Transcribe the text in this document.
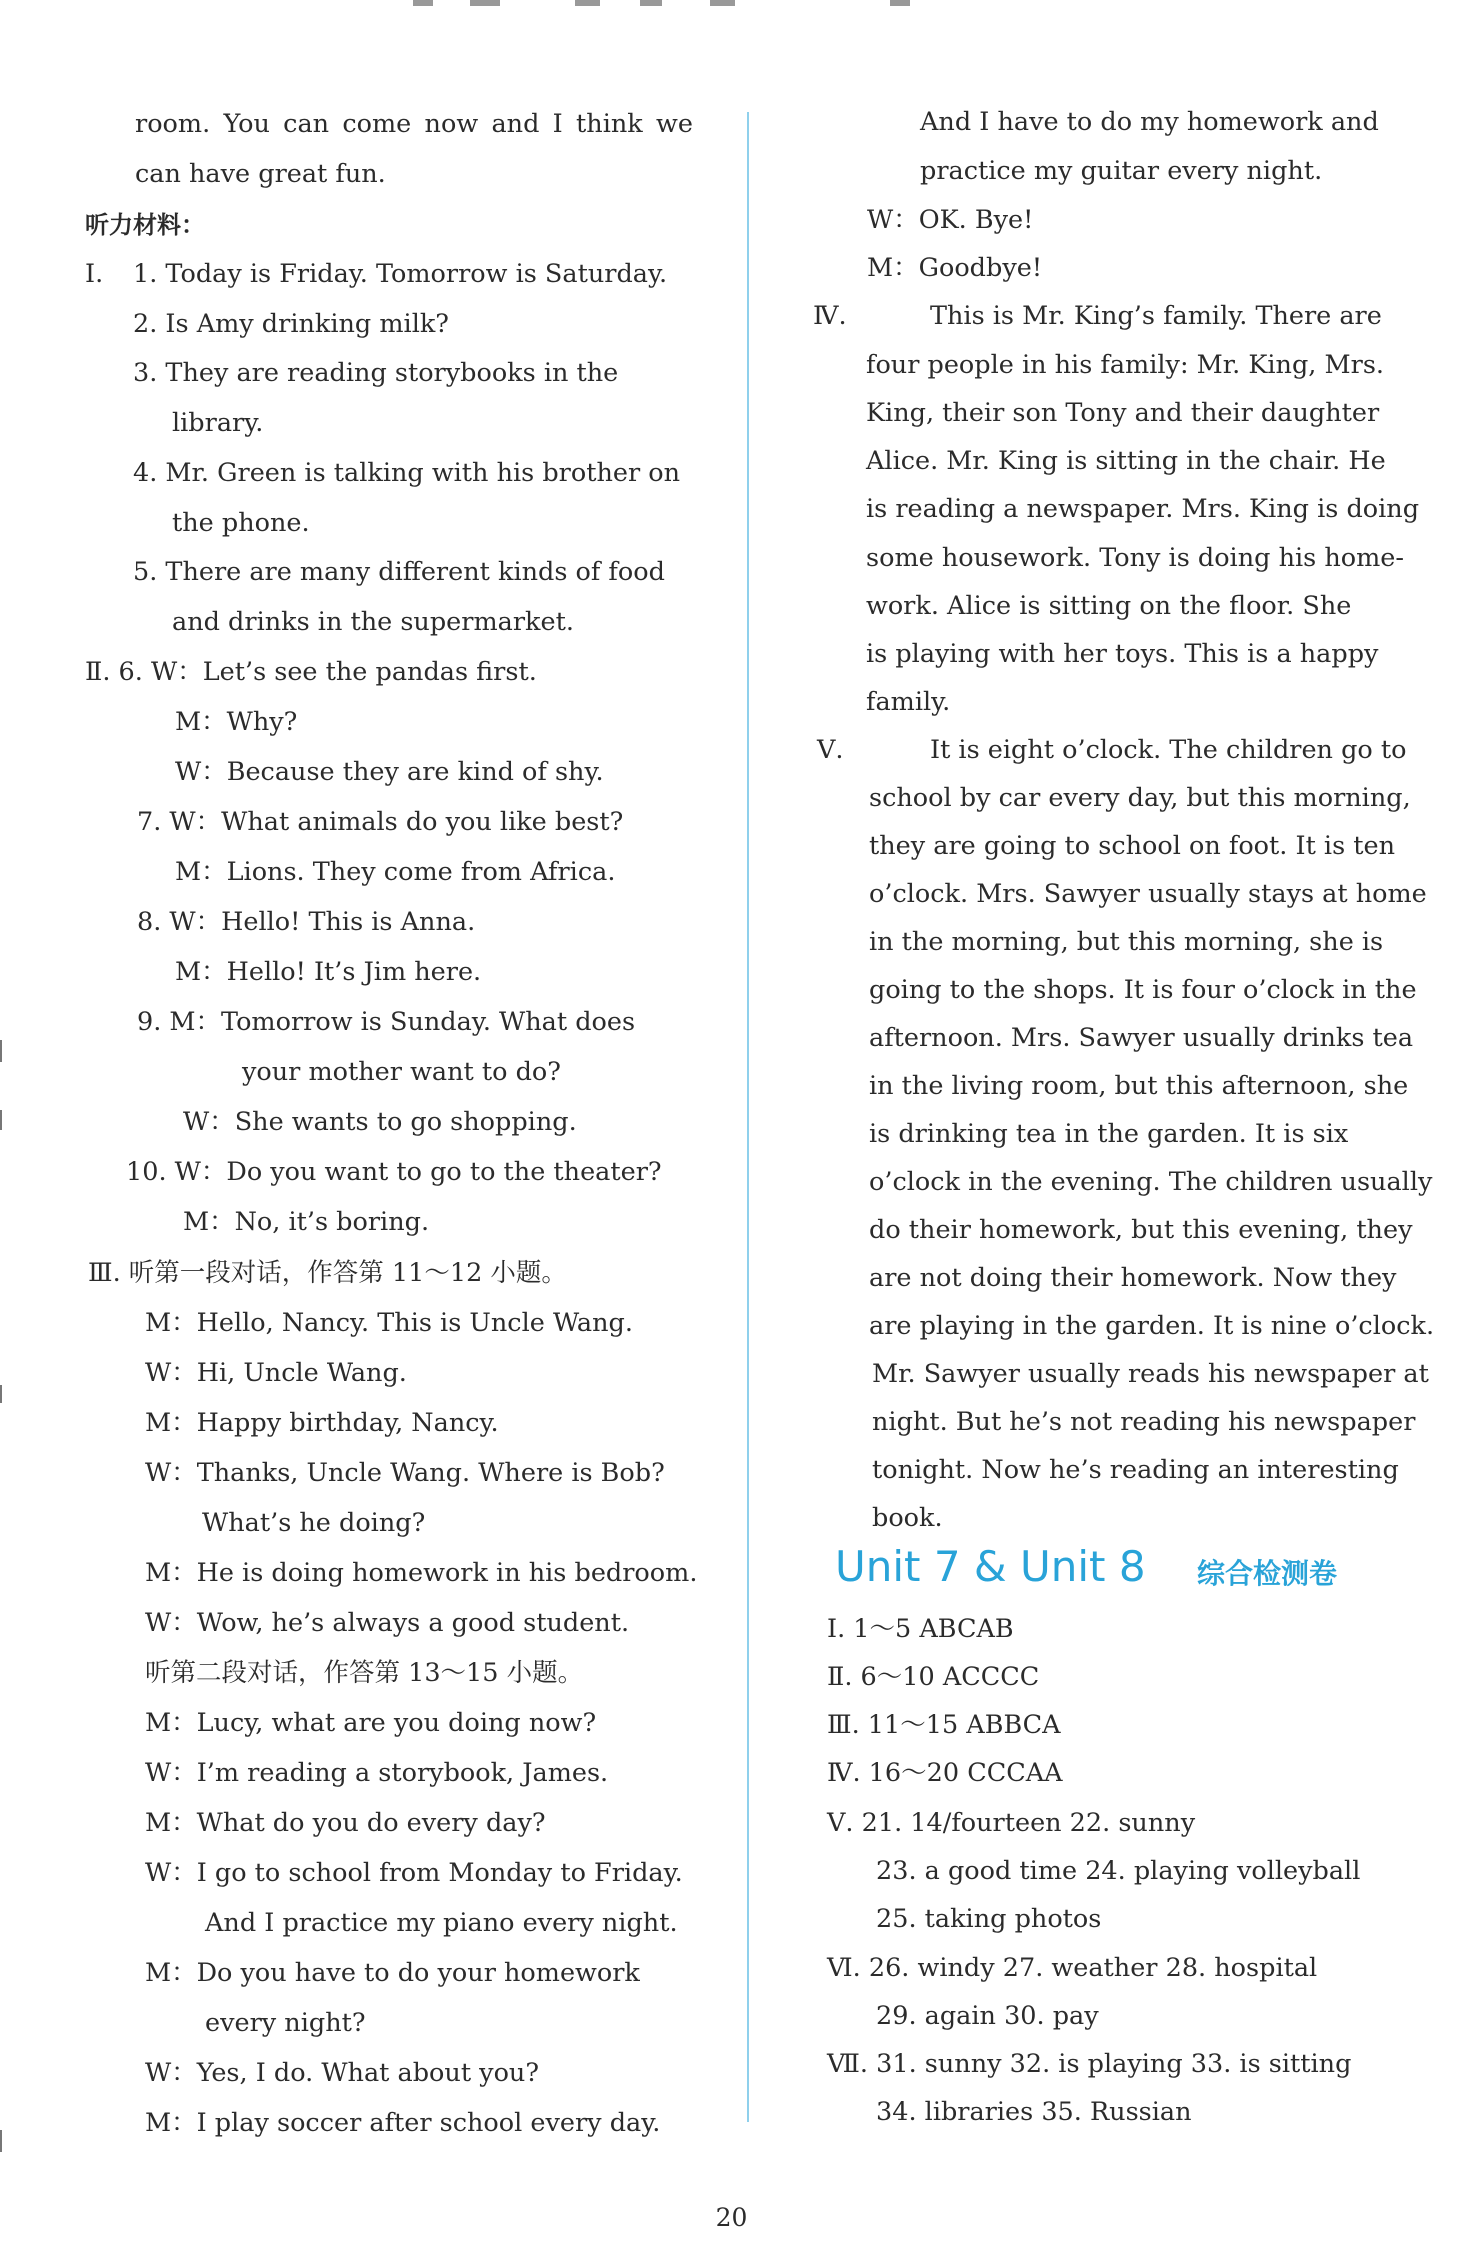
room. You can come now and I think we
can have great fun.
听力材料：
Ⅰ. 1. Today is Friday. Tomorrow is Saturday.
2. Is Amy drinking milk?
3. They are reading storybooks in the
library.
4. Mr. Green is talking with his brother on
the phone.
5. There are many different kinds of food
and drinks in the supermarket.
Ⅱ. 6. W：Let’s see the pandas first.
M：Why?
W：Because they are kind of shy.
7. W：What animals do you like best?
M：Lions. They come from Africa.
8. W：Hello! This is Anna.
M：Hello! It’s Jim here.
9. M：Tomorrow is Sunday. What does
your mother want to do?
W：She wants to go shopping.
10. W：Do you want to go to the theater?
M：No, it’s boring.
Ⅲ. 听第一段对话，作答第 11～12 小题。
M：Hello, Nancy. This is Uncle Wang.
W：Hi, Uncle Wang.
M：Happy birthday, Nancy.
W：Thanks, Uncle Wang. Where is Bob?
What’s he doing?
M：He is doing homework in his bedroom.
W：Wow, he’s always a good student.
听第二段对话，作答第 13～15 小题。
M：Lucy, what are you doing now?
W：I’m reading a storybook, James.
M：What do you do every day?
W：I go to school from Monday to Friday.
And I practice my piano every night.
M：Do you have to do your homework
every night?
W：Yes, I do. What about you?
M：I play soccer after school every day.
And I have to do my homework and
practice my guitar every night.
W：OK. Bye!
M：Goodbye!
Ⅳ.	This is Mr. King’s family. There are
four people in his family: Mr. King, Mrs.
King, their son Tony and their daughter
Alice. Mr. King is sitting in the chair. He
is reading a newspaper. Mrs. King is doing
some housework. Tony is doing his home-
work. Alice is sitting on the floor. She
is playing with her toys. This is a happy
family.
Ⅴ.	It is eight o’clock. The children go to
school by car every day, but this morning,
they are going to school on foot. It is ten
o’clock. Mrs. Sawyer usually stays at home
in the morning, but this morning, she is
going to the shops. It is four o’clock in the
afternoon. Mrs. Sawyer usually drinks tea
in the living room, but this afternoon, she
is drinking tea in the garden. It is six
o’clock in the evening. The children usually
do their homework, but this evening, they
are not doing their homework. Now they
are playing in the garden. It is nine o’clock.
Mr. Sawyer usually reads his newspaper at
night. But he’s not reading his newspaper
tonight. Now he’s reading an interesting
book.
Unit 7 & Unit 8 综合检测卷
Ⅰ. 1～5 ABCAB
Ⅱ. 6～10 ACCCC
Ⅲ. 11～15 ABBCA
Ⅳ. 16～20 CCCAA
Ⅴ. 21. 14/fourteen 22. sunny
23. a good time 24. playing volleyball
25. taking photos
Ⅵ. 26. windy 27. weather 28. hospital
29. again 30. pay
Ⅶ. 31. sunny 32. is playing 33. is sitting
34. libraries 35. Russian
20
